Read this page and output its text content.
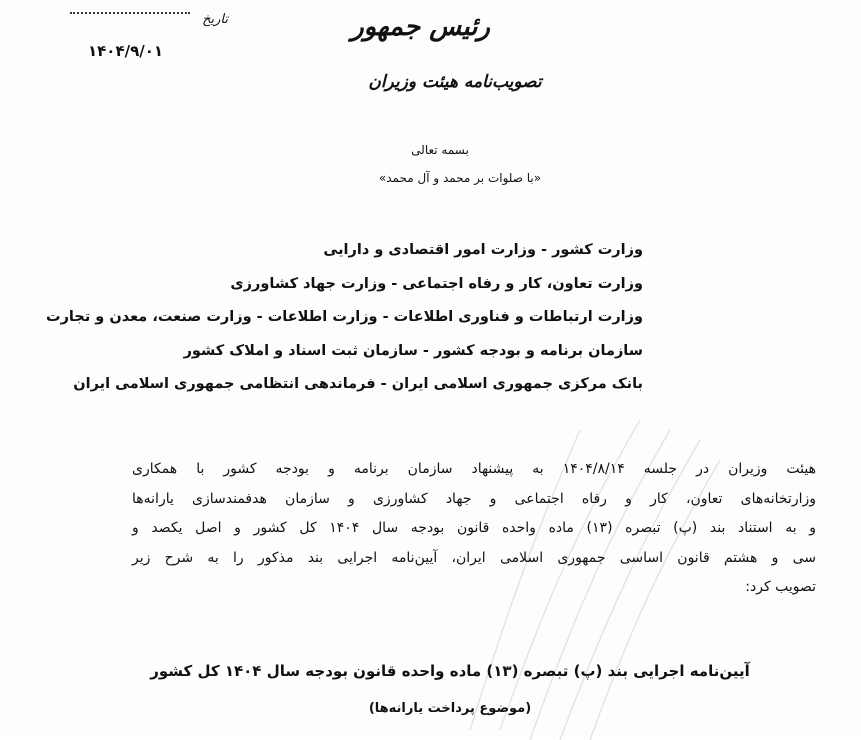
تاریخ
۱۴۰۴/۹/۰۱
رئیس جمهور
تصویب‌نامه هیئت وزیران
بسمه تعالی
«با صلوات بر محمد و آل محمد»
وزارت کشور - وزارت امور اقتصادی و دارایی
وزارت تعاون، کار و رفاه اجتماعی - وزارت جهاد کشاورزی
وزارت ارتباطات و فناوری اطلاعات - وزارت اطلاعات - وزارت صنعت، معدن و تجارت
سازمان برنامه و بودجه کشور - سازمان ثبت اسناد و املاک کشور
بانک مرکزی جمهوری اسلامی ایران - فرماندهی انتظامی جمهوری اسلامی ایران
هیئت وزیران در جلسه ۱۴۰۴/۸/۱۴ به پیشنهاد سازمان برنامه و بودجه کشور با همکاری
وزارتخانه‌های تعاون، کار و رفاه اجتماعی و جهاد کشاورزی و سازمان هدفمندسازی یارانه‌ها
و به استناد بند (پ) تبصره (۱۳) ماده واحده قانون بودجه سال ۱۴۰۴ کل کشور و اصل یکصد و
سی و هشتم قانون اساسی جمهوری اسلامی ایران، آیین‌نامه اجرایی بند مذکور را به شرح زیر
تصویب کرد:
آیین‌نامه اجرایی بند (پ) تبصره (۱۳) ماده واحده قانون بودجه سال ۱۴۰۴ کل کشور
(موضوع پرداخت یارانه‌ها)
